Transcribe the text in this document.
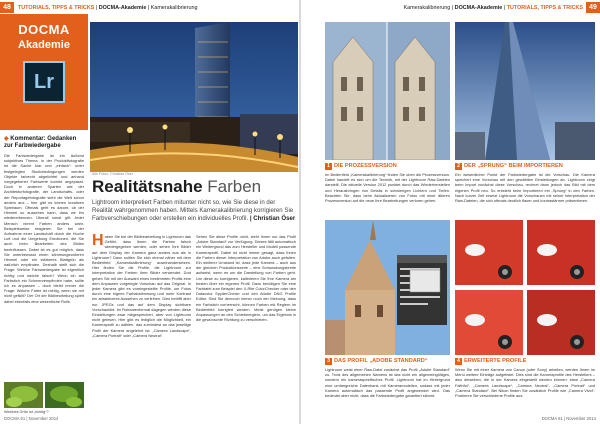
48	TUTORIALS, TIPPS & TRICKS | DOCMA-Akademie | Kamerakalibrierung
DOCMA
Akademie
Lr
◆ Kommentar: Gedanken zur Farbwiedergabe
Die Farbwiedergabe ist ein äußerst subjektives Thema. In der Produktfotografie ist die Sache klar und „einfach“: unter festgelegten Studiobedingungen werden Objekte farbecht abgelichtet und anhand vorgegebener Farbwerte korrekt angepasst. Doch in anderen Sparten wie der Architekturfotografie, der Landschafts- oder der Reportagefotografie sieht die Welt schon anders aus – hier gibt es keinen kreativen Spielraum. Oftmals geht es darum, ob der Himmel so aussehen kann, dass wir ihn wiedererkennen. Überall sonst gilt: Jeder Mensch nimmt Farben anders wahr. Beispielsweise reagieren Sie bei der Aufnahme einer Landschaft durch die Hoche Luft und die Umgebung Emotionen, die Sie auch beim Bearbeiten des Bildes beeinflussen. Dabei ist es gut möglich, dass Sie unterbewusst einen stimmungsvolleren Himmel oder ein stärkeres Blattgrün als natürlich empfinden. Deshalb stellt sich die Frage: Welche Farbwiedergabe ist eigentlich richtig und welche falsch? Wenn ich am Farbstich ein Schmerzempfinden habe, sollte ich es anpassen – doch bleibt immer die Frage: Welche Farbe ist richtig, wenn sie mir nicht gefällt? Der Ort der Bildbeurteilung spielt dabei ebenfalls eine wesentliche Rolle.
Welches Grün ist „richtig“?
Alle Fotos: Christian Öser
Realitätsnahe Farben
Lightroom interpretiert Farben mitunter nicht so, wie Sie diese in der Realität wahrgenommen haben. Mittels Kamerakalibrierung korrigieren Sie Farbverschiebungen oder erstellen ein individuelles Profil. | Christian Öser
Haben Sie bei der Bildbearbeitung in Lightroom das Gefühl, dass Ihnen die Farben falsch wiedergegeben werden, oder sehen Ihre Bilder auf dem Display der Kamera ganz anders aus als in Lightroom? Dann sollten Sie sich einmal näher mit dem Bedienfeld „Kamerakalibrierung“ auseinandersetzen. Hier finden Sie die Profile, die Lightroom zur Interpretation der Farben Ihrer Bilder verwendet. Dort geben Sie mit der Auswahl eines bestimmten Profils eine dem Anpassen vorgelegte Vorschau auf das Original. In jeder Kamera gibt es voreingestellte Profile, um Fotos durch eine eigene Farbabstimmung und mehr Kontrast ein attraktiveres Aussehen zu verleihen. Dies betrifft aber nur JPEGs und das auf dem Display sichtbare Vorschaubild. Im Rohdatenformat dagegen werden diese Einstellungen zwar mitgespeichert, aber von Lightroom nicht gelesen. Hier gibt es lediglich die Möglichkeit, ein Kameraprofil zu wählen, das zumindest an das jeweilige Profil der Kamera angelehnt ist: „Camera Landscape“, „Camera Portrait“ oder „Camera Neutral“.
Sehen Sie diese Profile nicht, steht Ihnen nur das Profil „Adobe Standard“ zur Verfügung. Dieses fällt automatisch ein Weitergrund das zum Hersteller und Modell passende Kameraprofil. Dabei ist nicht immer gesagt, dass Ihnen die Farben dieser Interpretation von Adobe auch gefallen. Ein weiterer Umstand ist, dass jede Kamera – auch aus der gleichen Produktionsserie – eine Schwankungsbreite aufweist, wenn es um die Darstellung von Farben geht. Um diese zu korrigieren, kalibrieren Sie Ihre Kamera am besten über ein eigenes Profil. Dazu benötigen Sie eine Farbtafel zum Beispiel den X-Rite ColorChecker oder den Datacolor SpyderCheckr und den Adobe DNG Profile Editor. Sind Sie dennoch immer noch der Meinung, dass ein Farbstich vorherrscht, können Farben mit Reglern im Bedienfeld korrigiert werden. Meist genügen kleine Anpassungen an den Schiebereglern, um das Ergebnis in die gewünschte Richtung zu verschieben.
DOCMA 61 | November 2014
Kamerakalibrierung | DOCMA-Akademie | TUTORIALS, TIPPS & TRICKS 49
1 DIE PROZESSVERSION
Im Bedienfeld „Kamerakalibrierung“ finden Sie oben die Prozessversion. Dabei handelt es sich um die Technik, mit der Lightroom Raw-Dateien darstellt. Die aktuelle Version 2012 punktet durch das Wiederherstellen und Herausbringen von Details in schwierigen Lichtern und Tiefen. Beachten Sie, dass beim Aktualisieren von Fotos mit einer älteren Prozessversion auf die neue Ihre Bearbeitungen verloren gehen.
2 DER „SPRUNG“ BEIM IMPORTIEREN
Ein wesentlicher Punkt der Farbwiedergabe ist die Vorschau. Die Kamera speichert eine Vorschau mit den gewählten Einstellungen ab. Lightroom zeigt beim Import zunächst diese Vorschau, rechnet dann jedoch das Bild mit dem eigenen Profil neu. So entsteht beim Importieren ein „Sprung“ in den Farben. Nach kurzer Zeit ersetzt Lightroom die Vorschauen mit seiner Interpretation der Raw-Dateien, die sich oftmals deutlich flauer und kontrastärmer präsentieren.
3 DAS PROFIL „ADOBE STANDARD“
Lightroom weist einer Raw-Datei zunächst das Profil „Adobe Standard“ zu. Trotz des allgemeinen Namens ist das nicht ein allgemeingültiges, sondern ein kameraspezifisches Profil. Lightroom hat im Hintergrund eine umfangreiche Datenbank mit Kameramodellen, sodass mit jeder Kamera automatisch das passende Profil angewendet wird. Das bedeutet aber nicht, dass die Farbwiedergabe garantiert stimmt.
4 ERWEITERTE PROFILE
Wenn Sie mit einer Kamera von Canon (oder Sony) arbeiten, werden Ihnen im Menü weitere Einträge aufgelistet. Dies sind die Kameraprofile des Herstellers – also dieselben, die in der Kamera eingestellt werden können: etwa „Camera Faithful“, „Camera Landscape“, „Camera Neutral“, „Camera Portrait“ und „Camera Standard“. Bei Nikon finden Sie zusätzlich Profile wie „Camera Vivid“. Probieren Sie verschiedene Profile aus.
DOCMA 61 | November 2014
